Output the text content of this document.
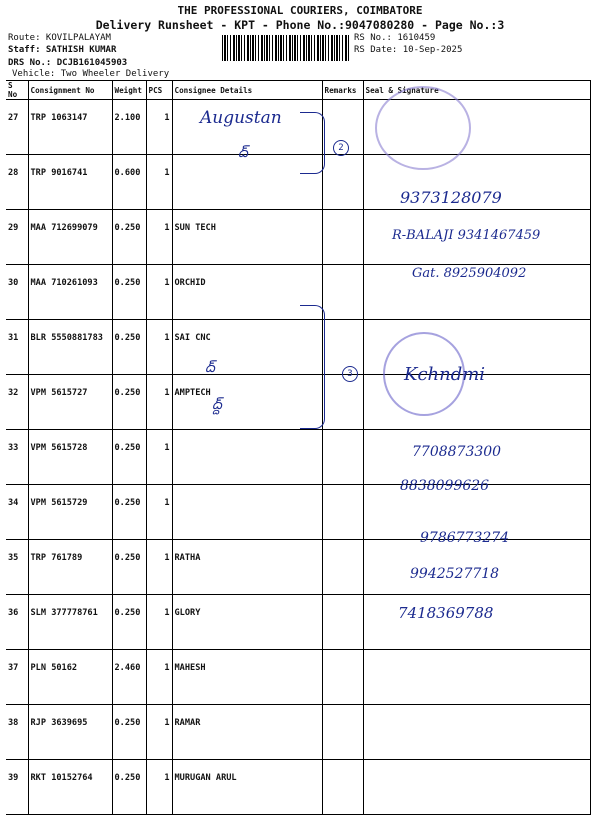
THE PROFESSIONAL COURIERS, COIMBATORE
Delivery Runsheet - KPT - Phone No.:9047080280 - Page No.:3
Route: KOVILPALAYAM
Staff: SATHISH KUMAR
DRS No.: DCJB161045903
Vehicle: Two Wheeler Delivery
RS No.: 1610459
RS Date: 10-Sep-2025
S No	Consignment No	Weight	PCS	Consignee Details	Remarks	Seal & Signature
27	TRP 1063147	2.100	1			
28	TRP 9016741	0.600	1			
29	MAA 712699079	0.250	1	SUN TECH		
30	MAA 710261093	0.250	1	ORCHID		
31	BLR 5550881783	0.250	1	SAI CNC		
32	VPM 5615727	0.250	1	AMPTECH		
33	VPM 5615728	0.250	1			
34	VPM 5615729	0.250	1			
35	TRP 761789	0.250	1	RATHA		
36	SLM 377778761	0.250	1	GLORY		
37	PLN 50162	2.460	1	MAHESH		
38	RJP 3639695	0.250	1	RAMAR		
39	RKT 10152764	0.250	1	MURUGAN ARUL		
Augustan
ద్	2
3
ద్
ద్ద్
9373128079
R-BALAJI 9341467459
Gat. 8925904092
Kchndmi
7708873300
8838099626
9786773274
9942527718
7418369788
